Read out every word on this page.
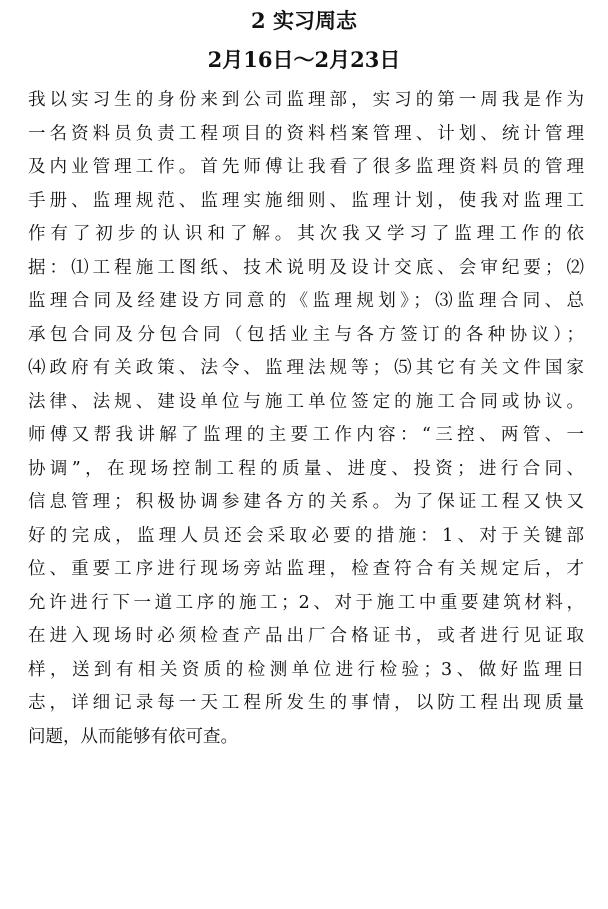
2 实习周志
2月16日～2月23日
我以实习生的身份来到公司监理部，实习的第一周我是作为
一名资料员负责工程项目的资料档案管理、计划、统计管理
及内业管理工作。首先师傅让我看了很多监理资料员的管理
手册、监理规范、监理实施细则、监理计划，使我对监理工
作有了初步的认识和了解。其次我又学习了监理工作的依
据：⑴工程施工图纸、技术说明及设计交底、会审纪要；⑵
监理合同及经建设方同意的《监理规划》；⑶监理合同、总
承包合同及分包合同（包括业主与各方签订的各种协议）；
⑷政府有关政策、法令、监理法规等；⑸其它有关文件国家
法律、法规、建设单位与施工单位签定的施工合同或协议。
师傅又帮我讲解了监理的主要工作内容：“三控、两管、一
协调”，在现场控制工程的质量、进度、投资；进行合同、
信息管理；积极协调参建各方的关系。为了保证工程又快又
好的完成，监理人员还会采取必要的措施：1、对于关键部
位、重要工序进行现场旁站监理，检查符合有关规定后，才
允许进行下一道工序的施工；2、对于施工中重要建筑材料，
在进入现场时必须检查产品出厂合格证书，或者进行见证取
样，送到有相关资质的检测单位进行检验；3、做好监理日
志，详细记录每一天工程所发生的事情，以防工程出现质量
问题，从而能够有依可查。
